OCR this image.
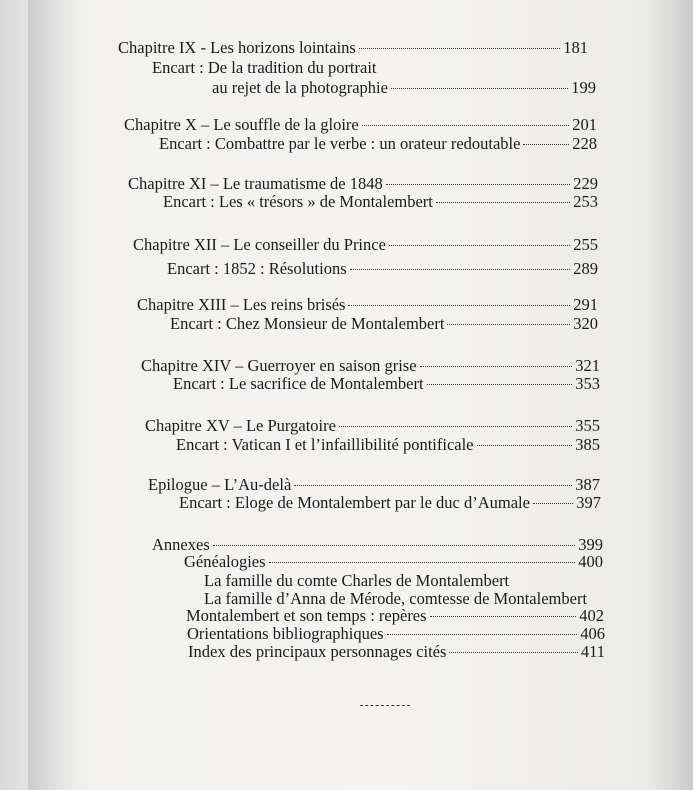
Chapitre IX - Les horizons lointains	181
Encart : De la tradition du portrait
au rejet de la photographie	199
Chapitre X – Le souffle de la gloire	201
Encart : Combattre par le verbe : un orateur redoutable	228
Chapitre XI – Le traumatisme de 1848	229
Encart : Les « trésors » de Montalembert	253
Chapitre XII – Le conseiller du Prince	255
Encart : 1852 : Résolutions	289
Chapitre XIII – Les reins brisés	291
Encart : Chez Monsieur de Montalembert	320
Chapitre XIV – Guerroyer en saison grise	321
Encart : Le sacrifice de Montalembert	353
Chapitre XV – Le Purgatoire	355
Encart : Vatican I et l’infaillibilité pontificale	385
Epilogue – L’Au-delà	387
Encart : Eloge de Montalembert par le duc d’Aumale	397
Annexes	399
Généalogies	400
La famille du comte Charles de Montalembert
La famille d’Anna de Mérode, comtesse de Montalembert
Montalembert et son temps : repères	402
Orientations bibliographiques	406
Index des principaux personnages cités	411
